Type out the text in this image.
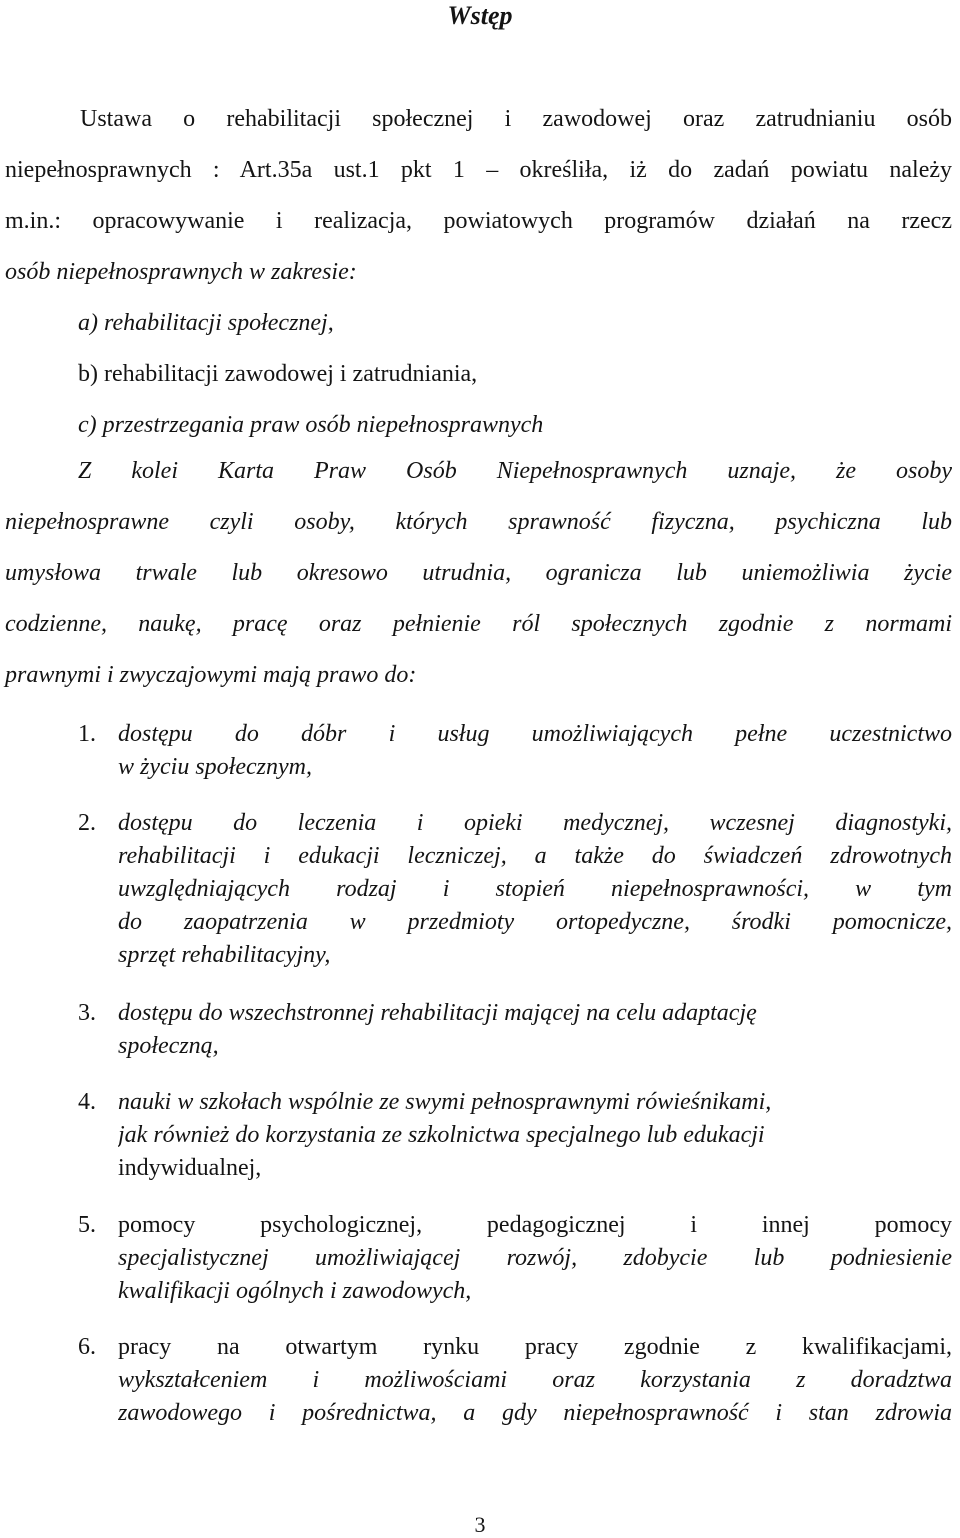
Wstęp
Ustawa o rehabilitacji społecznej i zawodowej oraz zatrudnianiu osób
niepełnosprawnych : Art.35a ust.1 pkt 1 – określiła, iż do zadań powiatu należy
m.in.: opracowywanie i realizacja, powiatowych programów działań na rzecz
osób niepełnosprawnych w zakresie:
a) rehabilitacji społecznej,
b) rehabilitacji zawodowej i zatrudniania,
c) przestrzegania praw osób niepełnosprawnych
Z kolei Karta Praw Osób Niepełnosprawnych uznaje, że osoby
niepełnosprawne czyli osoby, których sprawność fizyczna, psychiczna lub
umysłowa trwale lub okresowo utrudnia, ogranicza lub uniemożliwia życie
codzienne, naukę, pracę oraz pełnienie ról społecznych zgodnie z normami
prawnymi i zwyczajowymi mają prawo do:
1. dostępu do dóbr i usług umożliwiających pełne uczestnictwo
w życiu społecznym,
2. dostępu do leczenia i opieki medycznej, wczesnej diagnostyki,
rehabilitacji i edukacji leczniczej, a także do świadczeń zdrowotnych
uwzględniających rodzaj i stopień niepełnosprawności, w tym
do zaopatrzenia w przedmioty ortopedyczne, środki pomocnicze,
sprzęt rehabilitacyjny,
3. dostępu do wszechstronnej rehabilitacji mającej na celu adaptację
społeczną,
4. nauki w szkołach wspólnie ze swymi pełnosprawnymi rówieśnikami,
jak również do korzystania ze szkolnictwa specjalnego lub edukacji
indywidualnej,
5. pomocy psychologicznej, pedagogicznej i innej pomocy
specjalistycznej umożliwiającej rozwój, zdobycie lub podniesienie
kwalifikacji ogólnych i zawodowych,
6. pracy na otwartym rynku pracy zgodnie z kwalifikacjami,
wykształceniem i możliwościami oraz korzystania z doradztwa
zawodowego i pośrednictwa, a gdy niepełnosprawność i stan zdrowia
3
